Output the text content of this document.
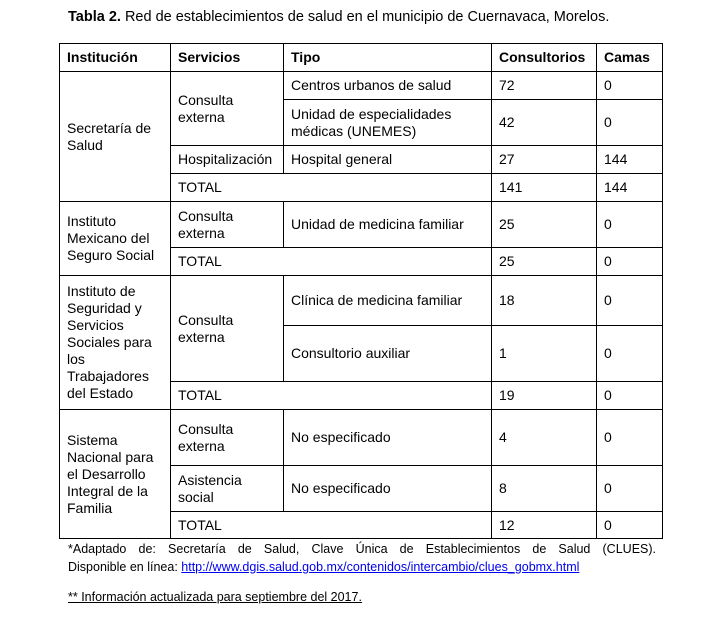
Tabla 2. Red de establecimientos de salud en el municipio de Cuernavaca, Morelos.
Institución	Servicios	Tipo	Consultorios	Camas
Secretaría de Salud	Consulta externa	Centros urbanos de salud	72	0
		Unidad de especialidades médicas (UNEMES)	42	0
	Hospitalización	Hospital general	27	144
	TOTAL		141	144
Instituto Mexicano del Seguro Social	Consulta externa	Unidad de medicina familiar	25	0
	TOTAL		25	0
Instituto de Seguridad y Servicios Sociales para los Trabajadores del Estado	Consulta externa	Clínica de medicina familiar	18	0
		Consultorio auxiliar	1	0
	TOTAL		19	0
Sistema Nacional para el Desarrollo Integral de la Familia	Consulta externa	No especificado	4	0
	Asistencia social	No especificado	8	0
	TOTAL		12	0
*Adaptado de: Secretaría de Salud, Clave Única de Establecimientos de Salud (CLUES).
Disponible en línea: http://www.dgis.salud.gob.mx/contenidos/intercambio/clues_gobmx.html
** Información actualizada para septiembre del 2017.
